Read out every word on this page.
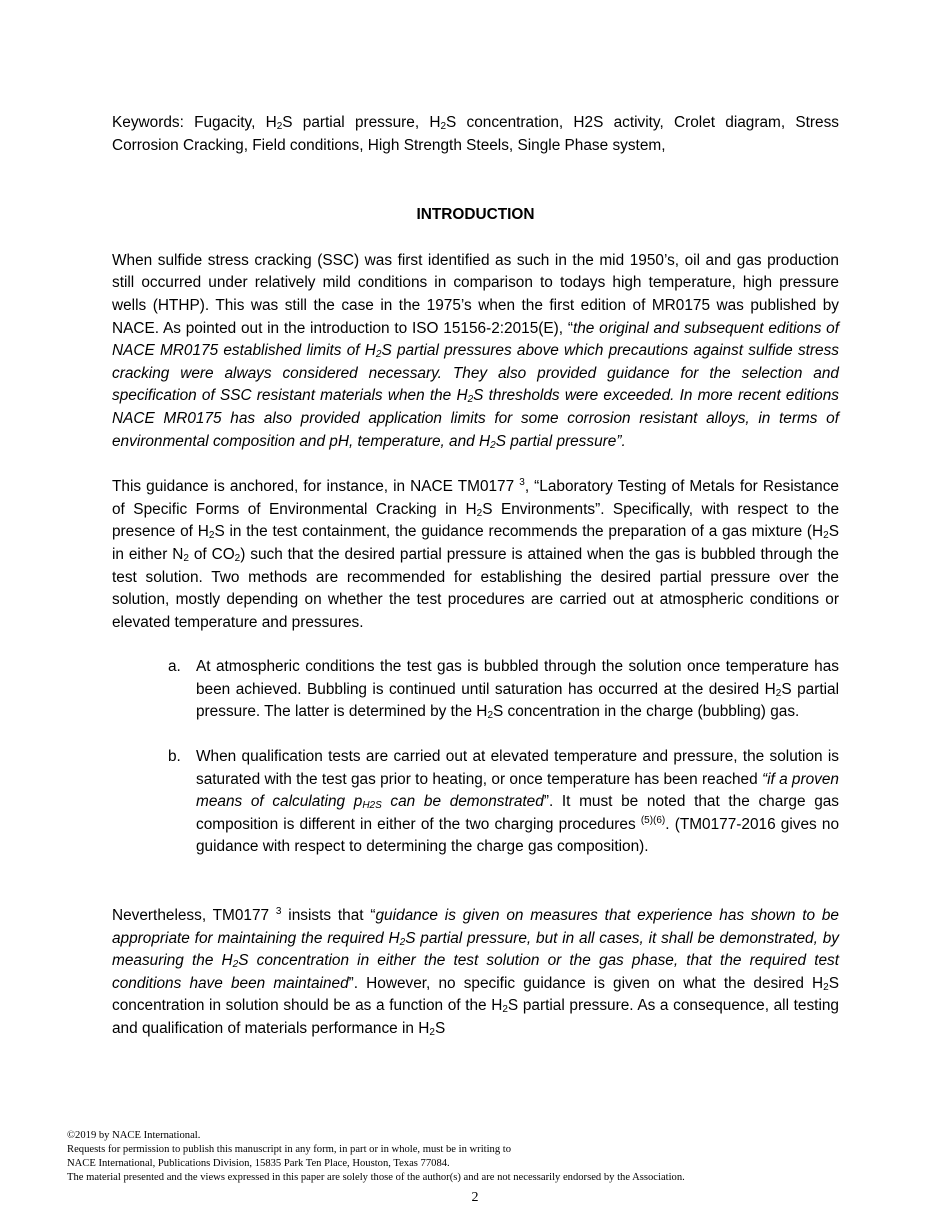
Keywords: Fugacity, $H_2S$ partial pressure, $H_2S$ concentration, H2S activity, Crolet diagram, Stress Corrosion Cracking, Field conditions, High Strength Steels, Single Phase system,

INTRODUCTION

When sulfide stress cracking (SSC) was first identified as such in the mid 1950’s, oil and gas production still occurred under relatively mild conditions in comparison to todays high temperature, high pressure wells (HTHP). This was still the case in the 1975’s when the first edition of MR0175 was published by NACE. As pointed out in the introduction to ISO 15156-2:2015(E), “the original and subsequent editions of NACE MR0175 established limits of $H_2S$ partial pressures above which precautions against sulfide stress cracking were always considered necessary. They also provided guidance for the selection and specification of SSC resistant materials when the $H_2S$ thresholds were exceeded. In more recent editions NACE MR0175 has also provided application limits for some corrosion resistant alloys, in terms of environmental composition and pH, temperature, and $H_2S$ partial pressure”.

This guidance is anchored, for instance, in NACE TM0177 $^3$, “Laboratory Testing of Metals for Resistance of Specific Forms of Environmental Cracking in $H_2S$ Environments”. Specifically, with respect to the presence of $H_2S$ in the test containment, the guidance recommends the preparation of a gas mixture ($H_2S$ in either $N_2$ of $CO_2$) such that the desired partial pressure is attained when the gas is bubbled through the test solution. Two methods are recommended for establishing the desired partial pressure over the solution, mostly depending on whether the test procedures are carried out at atmospheric conditions or elevated temperature and pressures.

a. At atmospheric conditions the test gas is bubbled through the solution once temperature has been achieved. Bubbling is continued until saturation has occurred at the desired $H_2S$ partial pressure. The latter is determined by the $H_2S$ concentration in the charge (bubbling) gas.
b. When qualification tests are carried out at elevated temperature and pressure, the solution is saturated with the test gas prior to heating, or once temperature has been reached “if a proven means of calculating $p_{H2S}$ can be demonstrated”. It must be noted that the charge gas composition is different in either of the two charging procedures $^{(5)(6)}$. (TM0177-2016 gives no guidance with respect to determining the charge gas composition).

Nevertheless, TM0177 $^3$ insists that “guidance is given on measures that experience has shown to be appropriate for maintaining the required $H_2S$ partial pressure, but in all cases, it shall be demonstrated, by measuring the $H_2S$ concentration in either the test solution or the gas phase, that the required test conditions have been maintained”. However, no specific guidance is given on what the desired $H_2S$ concentration in solution should be as a function of the $H_2S$ partial pressure. As a consequence, all testing and qualification of materials performance in $H_2S$

©2019 by NACE International.
Requests for permission to publish this manuscript in any form, in part or in whole, must be in writing to
NACE International, Publications Division, 15835 Park Ten Place, Houston, Texas 77084.
The material presented and the views expressed in this paper are solely those of the author(s) and are not necessarily endorsed by the Association.
2
